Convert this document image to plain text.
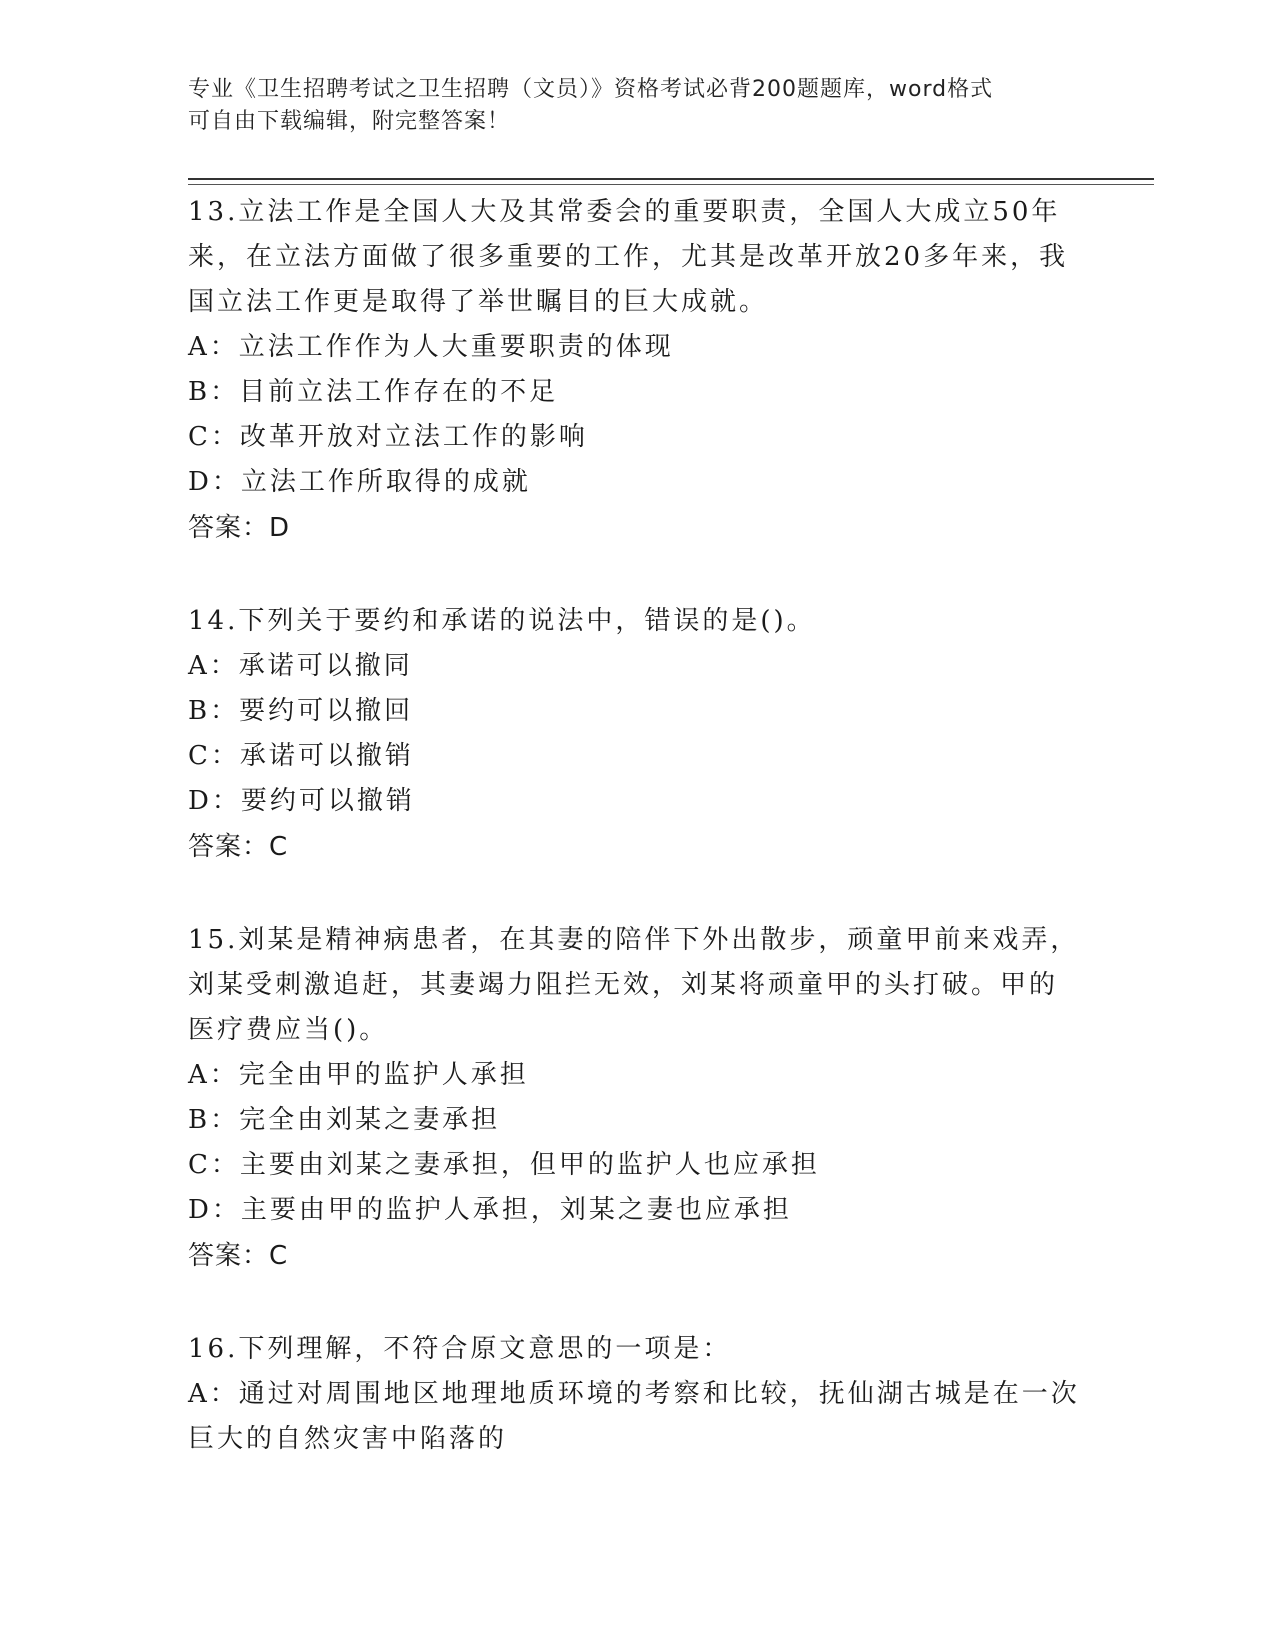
专业《卫生招聘考试之卫生招聘（文员）》资格考试必背200题题库，word格式
可自由下载编辑，附完整答案！
13.立法工作是全国人大及其常委会的重要职责，全国人大成立50年
来，在立法方面做了很多重要的工作，尤其是改革开放20多年来，我
国立法工作更是取得了举世瞩目的巨大成就。
A：立法工作作为人大重要职责的体现
B：目前立法工作存在的不足
C：改革开放对立法工作的影响
D：立法工作所取得的成就
答案：D
14.下列关于要约和承诺的说法中，错误的是()。
A：承诺可以撤同
B：要约可以撤回
C：承诺可以撤销
D：要约可以撤销
答案：C
15.刘某是精神病患者，在其妻的陪伴下外出散步，顽童甲前来戏弄，
刘某受刺激追赶，其妻竭力阻拦无效，刘某将顽童甲的头打破。甲的
医疗费应当()。
A：完全由甲的监护人承担
B：完全由刘某之妻承担
C：主要由刘某之妻承担，但甲的监护人也应承担
D：主要由甲的监护人承担，刘某之妻也应承担
答案：C
16.下列理解，不符合原文意思的一项是：
A：通过对周围地区地理地质环境的考察和比较，抚仙湖古城是在一次
巨大的自然灾害中陷落的
